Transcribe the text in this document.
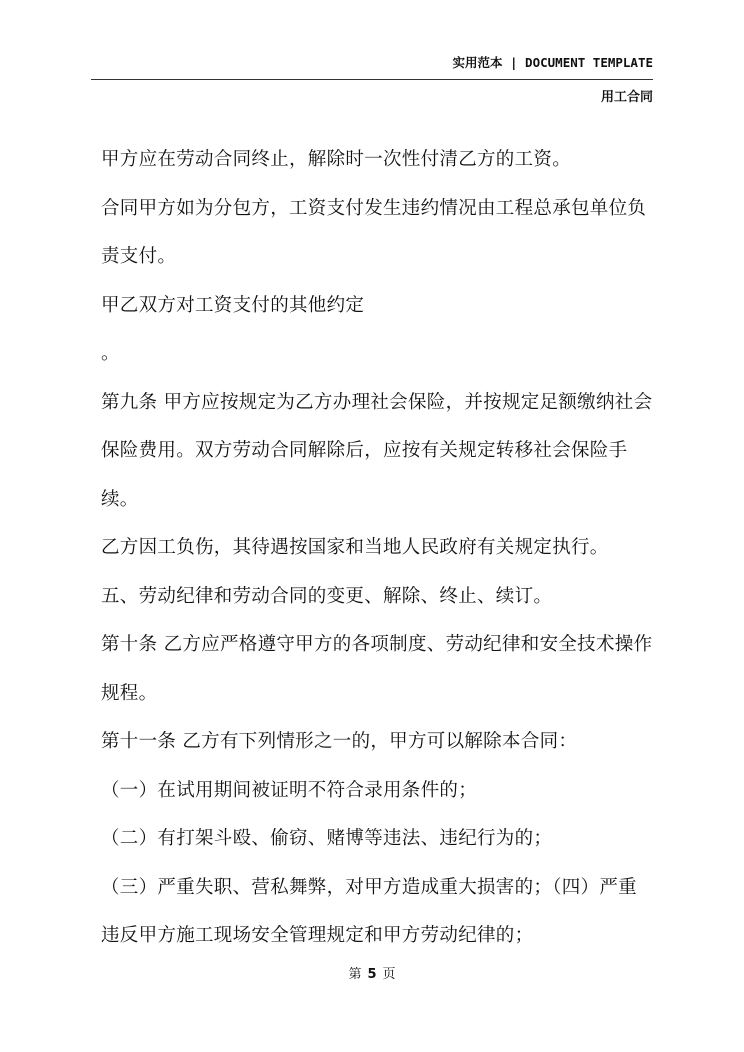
实用范本 | DOCUMENT TEMPLATE
用工合同

甲方应在劳动合同终止，解除时一次性付清乙方的工资。

合同甲方如为分包方，工资支付发生违约情况由工程总承包单位负

责支付。

甲乙双方对工资支付的其他约定

。

第九条 甲方应按规定为乙方办理社会保险，并按规定足额缴纳社会

保险费用。双方劳动合同解除后，应按有关规定转移社会保险手续。

乙方因工负伤，其待遇按国家和当地人民政府有关规定执行。

五、劳动纪律和劳动合同的变更、解除、终止、续订。

第十条 乙方应严格遵守甲方的各项制度、劳动纪律和安全技术操作

规程。

第十一条 乙方有下列情形之一的，甲方可以解除本合同：

（一）在试用期间被证明不符合录用条件的；

（二）有打架斗殴、偷窃、赌博等违法、违纪行为的；

（三）严重失职、营私舞弊，对甲方造成重大损害的；（四）严重

违反甲方施工现场安全管理规定和甲方劳动纪律的；

第 5 页
